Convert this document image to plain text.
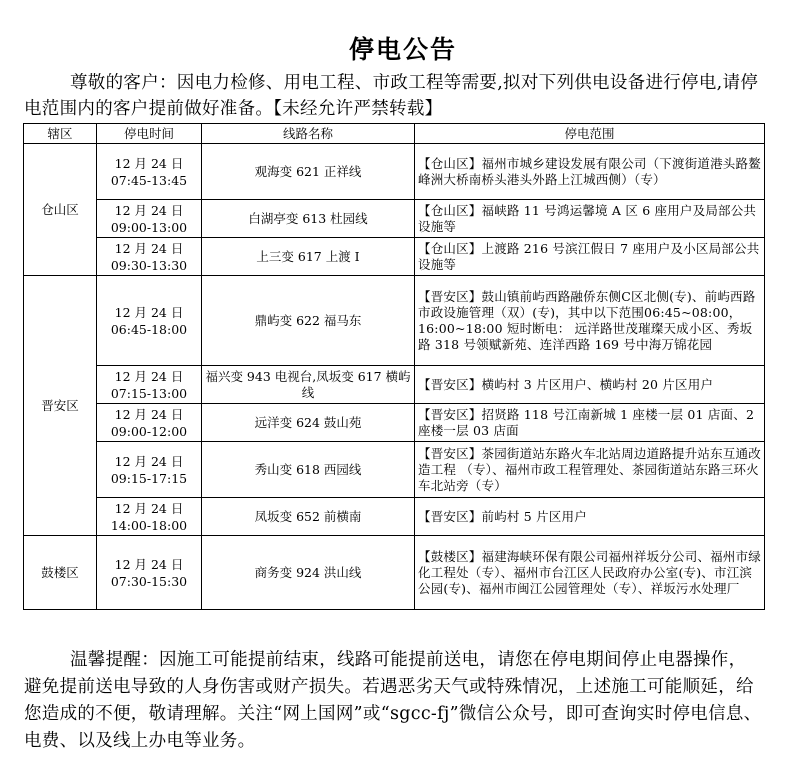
停电公告
尊敬的客户：因电力检修、用电工程、市政工程等需要,拟对下列供电设备进行停电,请停电范围内的客户提前做好准备。【未经允许严禁转载】
辖区	停电时间	线路名称	停电范围
仓山区	12 月 24 日
07:45-13:45	观海变 621 正祥线	【仓山区】福州市城乡建设发展有限公司（下渡街道港头路鳌峰洲大桥南桥头港头外路上江城西侧）（专）
	12 月 24 日
09:00-13:00	白湖亭变 613 杜园线	【仓山区】福峡路 11 号鸿运馨境 A 区 6 座用户及局部公共设施等
	12 月 24 日
09:30-13:30	上三变 617 上渡 I	【仓山区】上渡路 216 号滨江假日 7 座用户及小区局部公共设施等
晋安区	12 月 24 日
06:45-18:00	鼎屿变 622 福马东	【晋安区】鼓山镇前屿西路融侨东侧C区北侧(专)、前屿西路市政设施管理（双）(专)，其中以下范围06:45~08:00，16:00~18:00 短时断电： 远洋路世茂璀璨天成小区、秀坂路 318 号领赋新苑、连洋西路 169 号中海万锦花园
	12 月 24 日
07:15-13:00	福兴变 943 电视台,凤坂变 617 横屿线	【晋安区】横屿村 3 片区用户、横屿村 20 片区用户
	12 月 24 日
09:00-12:00	远洋变 624 鼓山苑	【晋安区】招贤路 118 号江南新城 1 座楼一层 01 店面、2 座楼一层 03 店面
	12 月 24 日
09:15-17:15	秀山变 618 西园线	【晋安区】茶园街道站东路火车北站周边道路提升站东互通改造工程 （专）、福州市政工程管理处、茶园街道站东路三环火车北站旁（专）
	12 月 24 日
14:00-18:00	凤坂变 652 前横南	【晋安区】前屿村 5 片区用户
鼓楼区	12 月 24 日
07:30-15:30	商务变 924 洪山线	【鼓楼区】福建海峡环保有限公司福州祥坂分公司、福州市绿化工程处（专）、福州市台江区人民政府办公室(专)、市江滨公园(专)、福州市闽江公园管理处（专）、祥坂污水处理厂
温馨提醒：因施工可能提前结束，线路可能提前送电，请您在停电期间停止电器操作，避免提前送电导致的人身伤害或财产损失。若遇恶劣天气或特殊情况，上述施工可能顺延，给您造成的不便，敬请理解。关注“网上国网”或“sgcc-fj”微信公众号，即可查询实时停电信息、电费、以及线上办电等业务。
